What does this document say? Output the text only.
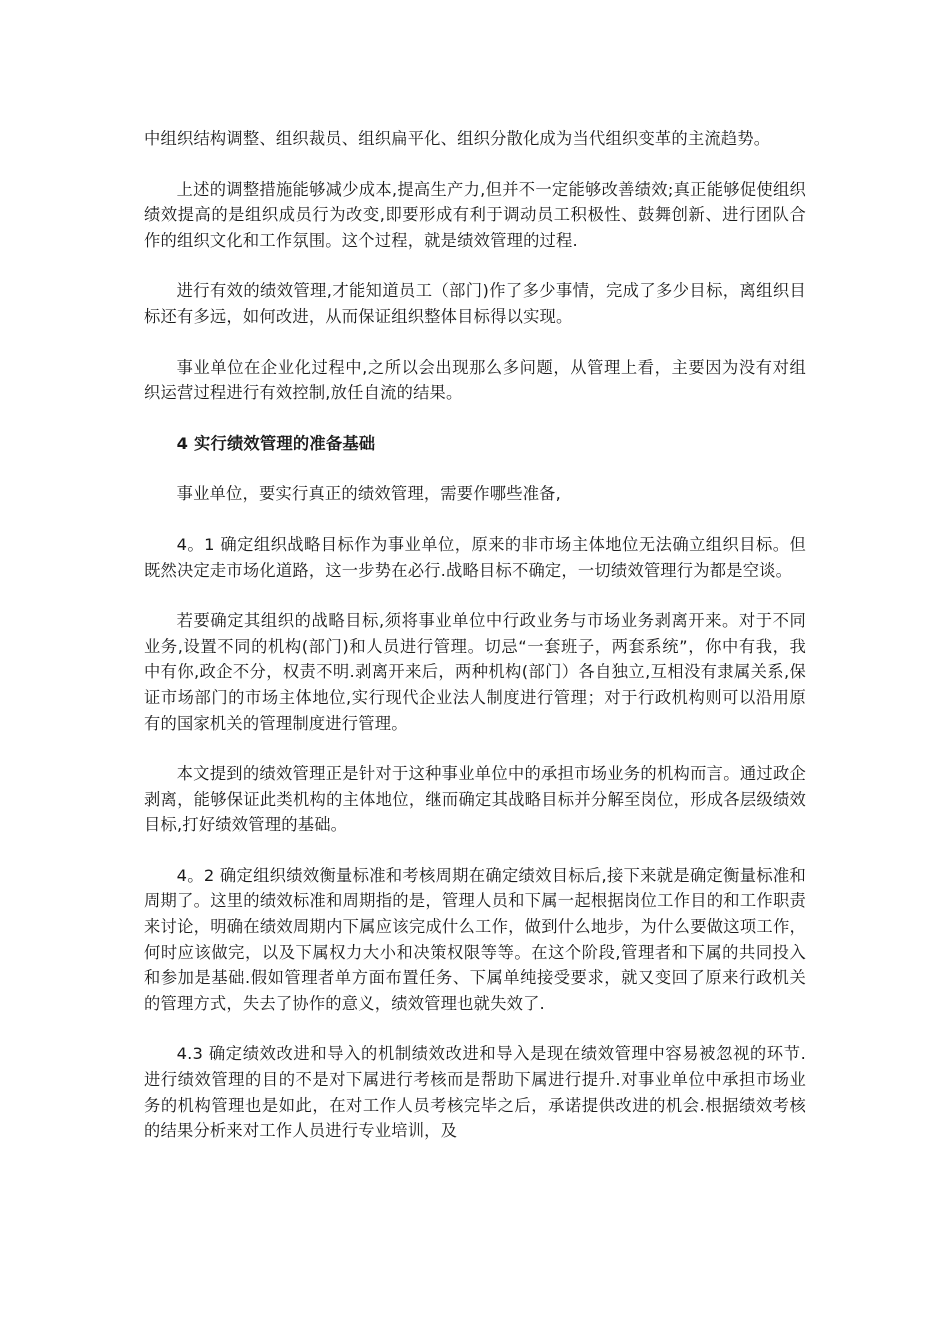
中组织结构调整、组织裁员、组织扁平化、组织分散化成为当代组织变革的主流趋势。

上述的调整措施能够减少成本,提高生产力,但并不一定能够改善绩效;真正能够促使组织绩效提高的是组织成员行为改变,即要形成有利于调动员工积极性、鼓舞创新、进行团队合作的组织文化和工作氛围。这个过程，就是绩效管理的过程.

进行有效的绩效管理,才能知道员工（部门)作了多少事情，完成了多少目标，离组织目标还有多远，如何改进，从而保证组织整体目标得以实现。

事业单位在企业化过程中,之所以会出现那么多问题，从管理上看，主要因为没有对组织运营过程进行有效控制,放任自流的结果。

4 实行绩效管理的准备基础

事业单位，要实行真正的绩效管理，需要作哪些准备,

4。1 确定组织战略目标作为事业单位，原来的非市场主体地位无法确立组织目标。但既然决定走市场化道路，这一步势在必行.战略目标不确定，一切绩效管理行为都是空谈。

若要确定其组织的战略目标,须将事业单位中行政业务与市场业务剥离开来。对于不同业务,设置不同的机构(部门)和人员进行管理。切忌“一套班子，两套系统”，你中有我，我中有你,政企不分，权责不明.剥离开来后，两种机构(部门）各自独立,互相没有隶属关系,保证市场部门的市场主体地位,实行现代企业法人制度进行管理；对于行政机构则可以沿用原有的国家机关的管理制度进行管理。

本文提到的绩效管理正是针对于这种事业单位中的承担市场业务的机构而言。通过政企剥离，能够保证此类机构的主体地位，继而确定其战略目标并分解至岗位，形成各层级绩效目标,打好绩效管理的基础。

4。2 确定组织绩效衡量标准和考核周期在确定绩效目标后,接下来就是确定衡量标准和周期了。这里的绩效标准和周期指的是，管理人员和下属一起根据岗位工作目的和工作职责来讨论，明确在绩效周期内下属应该完成什么工作，做到什么地步，为什么要做这项工作，何时应该做完，以及下属权力大小和决策权限等等。在这个阶段,管理者和下属的共同投入和参加是基础.假如管理者单方面布置任务、下属单纯接受要求，就又变回了原来行政机关的管理方式，失去了协作的意义，绩效管理也就失效了.

4.3 确定绩效改进和导入的机制绩效改进和导入是现在绩效管理中容易被忽视的环节.进行绩效管理的目的不是对下属进行考核而是帮助下属进行提升.对事业单位中承担市场业务的机构管理也是如此，在对工作人员考核完毕之后，承诺提供改进的机会.根据绩效考核的结果分析来对工作人员进行专业培训，及
